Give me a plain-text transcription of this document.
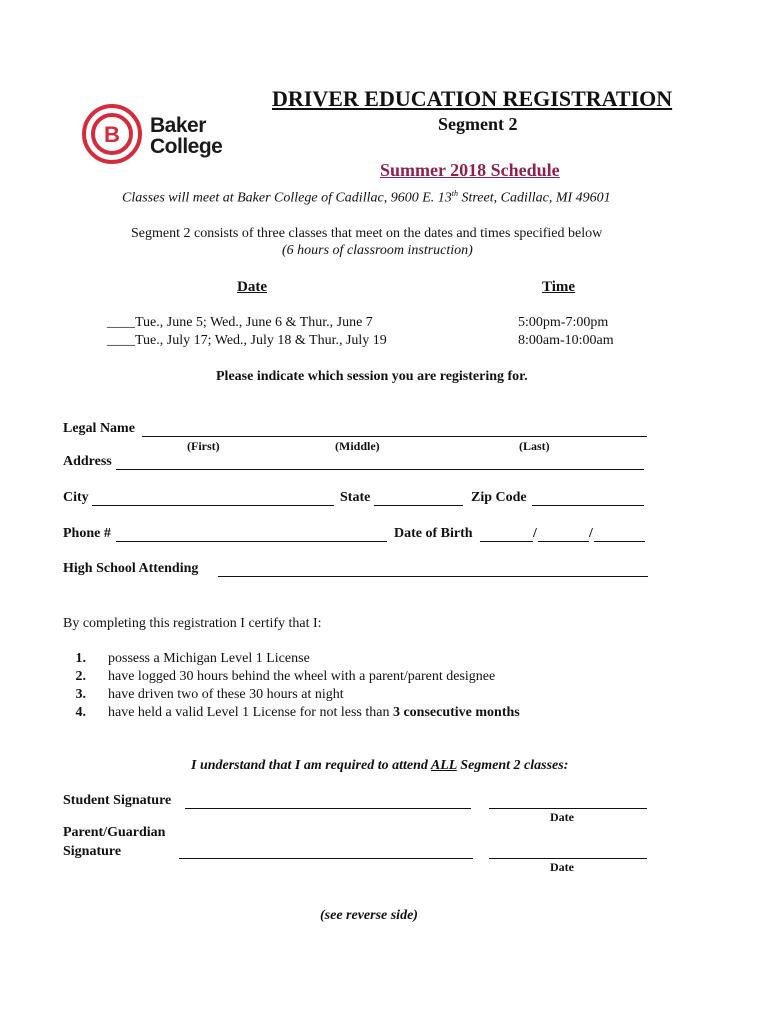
B Baker
College
DRIVER EDUCATION REGISTRATION
Segment 2
Summer 2018 Schedule
Classes will meet at Baker College of Cadillac, 9600 E. 13th Street, Cadillac, MI 49601
Segment 2 consists of three classes that meet on the dates and times specified below
(6 hours of classroom instruction)
Date	Time
____Tue., June 5; Wed., June 6 & Thur., June 7	5:00pm-7:00pm
____Tue., July 17; Wed., July 18 & Thur., July 19	8:00am-10:00am
Please indicate which session you are registering for.
Legal Name
(First)	(Middle)	(Last)
Address
City	State	Zip Code
Phone #	Date of Birth	/	/
High School Attending
By completing this registration I certify that I:
1. possess a Michigan Level 1 License
2. have logged 30 hours behind the wheel with a parent/parent designee
3. have driven two of these 30 hours at night
4. have held a valid Level 1 License for not less than 3 consecutive months
I understand that I am required to attend ALL Segment 2 classes:
Student Signature
Date
Parent/Guardian
Signature
Date
(see reverse side)
